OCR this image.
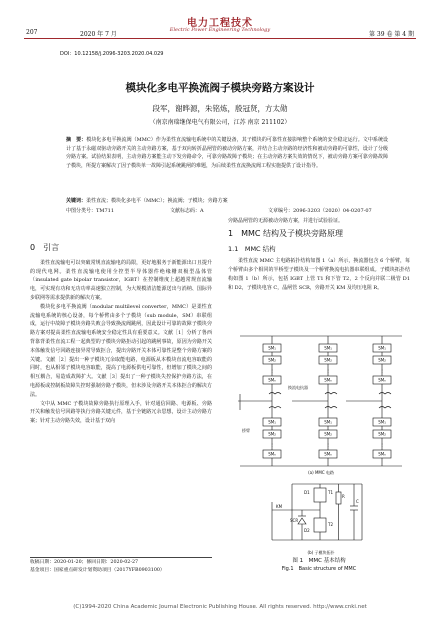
207	2020 年 7 月
电力工程技术
Electric Power Engineering Technology
第 39 卷 第 4 期
DOI：10.12158/j.2096-3203.2020.04.029
模块化多电平换流阀子模块旁路方案设计
段军，谢晔源，朱铭炼，殷冠贤，方太勋
（南京南瑞继保电气有限公司，江苏 南京 211102）
摘　要：模块化多电平换流阀（MMC）作为柔性直流输电系统中的关键设备，其子模块的可靠性直接影响整个系统的安全稳定运行。文中系统设计了基于永磁双驱动旁路开关的主动旁路方案，基于双向转折晶闸管的被动旁路方案，并结合主动旁路的经济性和被动旁路的可靠性，设计了分级旁路方案。试验结果表明，主动旁路方案能主动下发旁路命令，可靠旁路故障子模块；在主动旁路方案失效的情况下，被动旁路方案可靠旁路故障子模块，所提方案解决了因子模块单一故障引起系统跳闸的难题，为后续柔性直流换流阀工程实施提供了设计指导。
关键词：柔性直流；模块化多电平（MMC）；换流阀；子模块；旁路方案
中图分类号：TM711	文献标志码：A	文章编号：2096-3203（2020）04-0207-07
0　引言

柔性直流输电可以突破常规直流输电的局限，更好地服务于新能源出口且提升的现代电网。柔性直流输电使用全控型半导体器件绝缘栅双极型晶体管（insulated gate bipolar transistor，IGBT）在控制维度上超越常规直流输电，可实现有功和无功功率高速独立控制，为大规模清洁能源送出与消纳、国际异步联网等需求提供新的解决方案。

模块化多电平换流阀（modular multilevel converter，MMC）是柔性直流输电系统的核心设备，每个桥臂由多个子模块（sub module，SM）串联组成，运行中故障子模块旁路失败会导致换流阀跳闸，因此设计可靠的故障子模块旁路方案对提高柔性直流输电系统安全稳定性具有重要意义。文献［1］分析了鲁西背靠背柔性直流工程一起典型的子模块旁路拒动引起的跳闸事故，原因为旁路开关本体触发信号回路连接异常导致拒合，提出旁路开关本体可靠性是整个旁路方案的关键。文献［2］提出一种子模块冗余取能电路，电源板从本模块直流电容取能的同时，也从相邻子模块电容取能，提高了电源板供电可靠性，但增加了模块之间的相互耦合，易造成故障扩大。文献［3］提出了一种子模块失控保护旁路方法，在电源板或控制板故障失控时强制旁路子模块，但未涉及旁路开关本体拒合的解决方法。

文中从 MMC 子模块故障旁路执行原理入手，针对通信回路、电源板、旁路开关和触发信号回路等执行旁路关键元件，基于全链路冗余思想，设计主动旁路方案；针对主动旁路失效，设计基于双向

收稿日期：2020-01-20；修回日期：2020-02-27
基金项目：国家重点研发计划资助项目（2017YFB0903100）
旁路晶闸管的无源被动旁路方案，并进行试验验证。
1　MMC 结构及子模块旁路原理
1.1　MMC 结构

柔性直流 MMC 主电路拓扑结构如图 1（a）所示，换流器包含 6 个桥臂，每个桥臂由多个相同的半桥型子模块及一个桥臂换流电抗器串联组成。子模块拓扑结构如图 1（b）所示，包括 IGBT 上管 T1 和下管 T2，2 个反向并联二极管 D1 和 D2，子模块电容 C，晶闸管 SCR，旁路开关 KM 及均压电阻 R。

SM₁
SM₂
SMₙ
SM₁
SM₂
SMₙ
SM₁
SM₂
SMₙ
SM₁
SM₂
SMₙ
SM₁
SM₂
SMₙ
SM₁
SM₂
SMₙ
⋮	⋮	⋮
⋮	⋮	⋮
换流电抗器
桥臂
(a) MMC 电路
(b) 子模块拓扑
T1
D1
T2
D2
C
R
KM
SCR
图 1　MMC 基本结构
Fig.1　Basic structure of MMC
(C)1994-2020 China Academic Journal Electronic Publishing House. All rights reserved. http://www.cnki.net
